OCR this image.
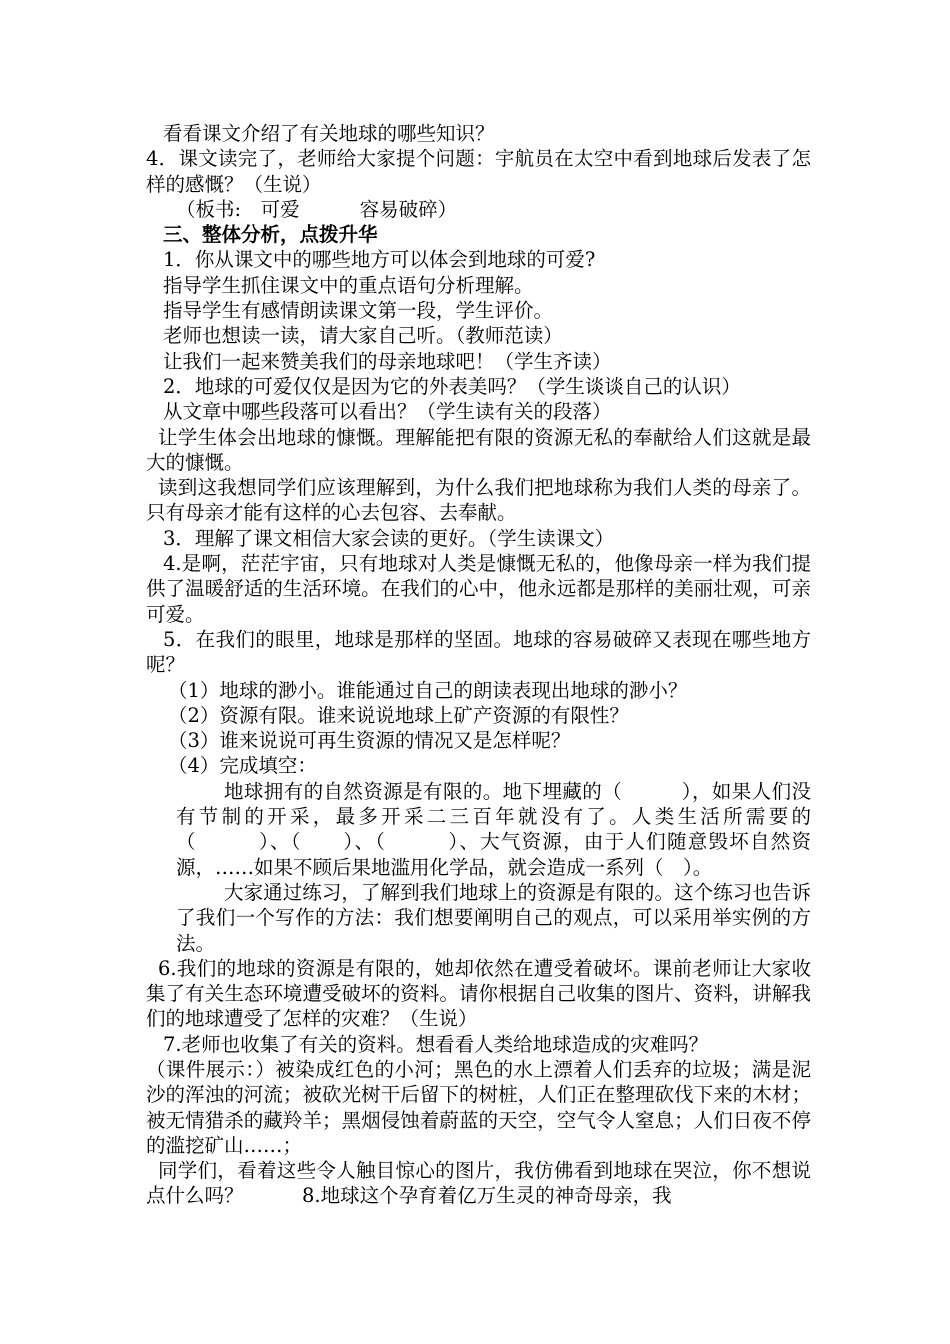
看看课文介绍了有关地球的哪些知识？

4．课文读完了，老师给大家提个问题：宇航员在太空中看到地球后发表了怎样的感慨？（生说）

（板书:　可爱	容易破碎）

三、整体分析，点拨升华

1．你从课文中的哪些地方可以体会到地球的可爱?

指导学生抓住课文中的重点语句分析理解。

指导学生有感情朗读课文第一段，学生评价。

老师也想读一读，请大家自己听。（教师范读）

让我们一起来赞美我们的母亲地球吧！（学生齐读）

2．地球的可爱仅仅是因为它的外表美吗？（学生谈谈自己的认识）

从文章中哪些段落可以看出？（学生读有关的段落）

让学生体会出地球的慷慨。理解能把有限的资源无私的奉献给人们这就是最大的慷慨。

读到这我想同学们应该理解到，为什么我们把地球称为我们人类的母亲了。只有母亲才能有这样的心去包容、去奉献。

3．理解了课文相信大家会读的更好。（学生读课文）

4.是啊，茫茫宇宙，只有地球对人类是慷慨无私的，他像母亲一样为我们提供了温暖舒适的生活环境。在我们的心中，他永远都是那样的美丽壮观，可亲可爱。

5．在我们的眼里，地球是那样的坚固。地球的容易破碎又表现在哪些地方呢？

（1）地球的渺小。谁能通过自己的朗读表现出地球的渺小？

（2）资源有限。谁来说说地球上矿产资源的有限性？

（3）谁来说说可再生资源的情况又是怎样呢？

（4）完成填空：

地球拥有的自然资源是有限的。地下埋藏的（　　　），如果人们没有节制的开采，最多开采二三百年就没有了。人类生活所需要的（　　　）、（　　）、（　　　）、大气资源，由于人们随意毁坏自然资源，……如果不顾后果地滥用化学品，就会造成一系列（　）。

大家通过练习，了解到我们地球上的资源是有限的。这个练习也告诉了我们一个写作的方法：我们想要阐明自己的观点，可以采用举实例的方法。

6.我们的地球的资源是有限的，她却依然在遭受着破坏。课前老师让大家收集了有关生态环境遭受破坏的资料。请你根据自己收集的图片、资料，讲解我们的地球遭受了怎样的灾难？（生说）

7.老师也收集了有关的资料。想看看人类给地球造成的灾难吗？

（课件展示：）被染成红色的小河；黑色的水上漂着人们丢弃的垃圾；满是泥沙的浑浊的河流；被砍光树干后留下的树桩，人们正在整理砍伐下来的木材；被无情猎杀的藏羚羊；黑烟侵蚀着蔚蓝的天空，空气令人窒息；人们日夜不停的滥挖矿山……；

同学们，看着这些令人触目惊心的图片，我仿佛看到地球在哭泣，你不想说点什么吗？　　　8.地球这个孕育着亿万生灵的神奇母亲，我
